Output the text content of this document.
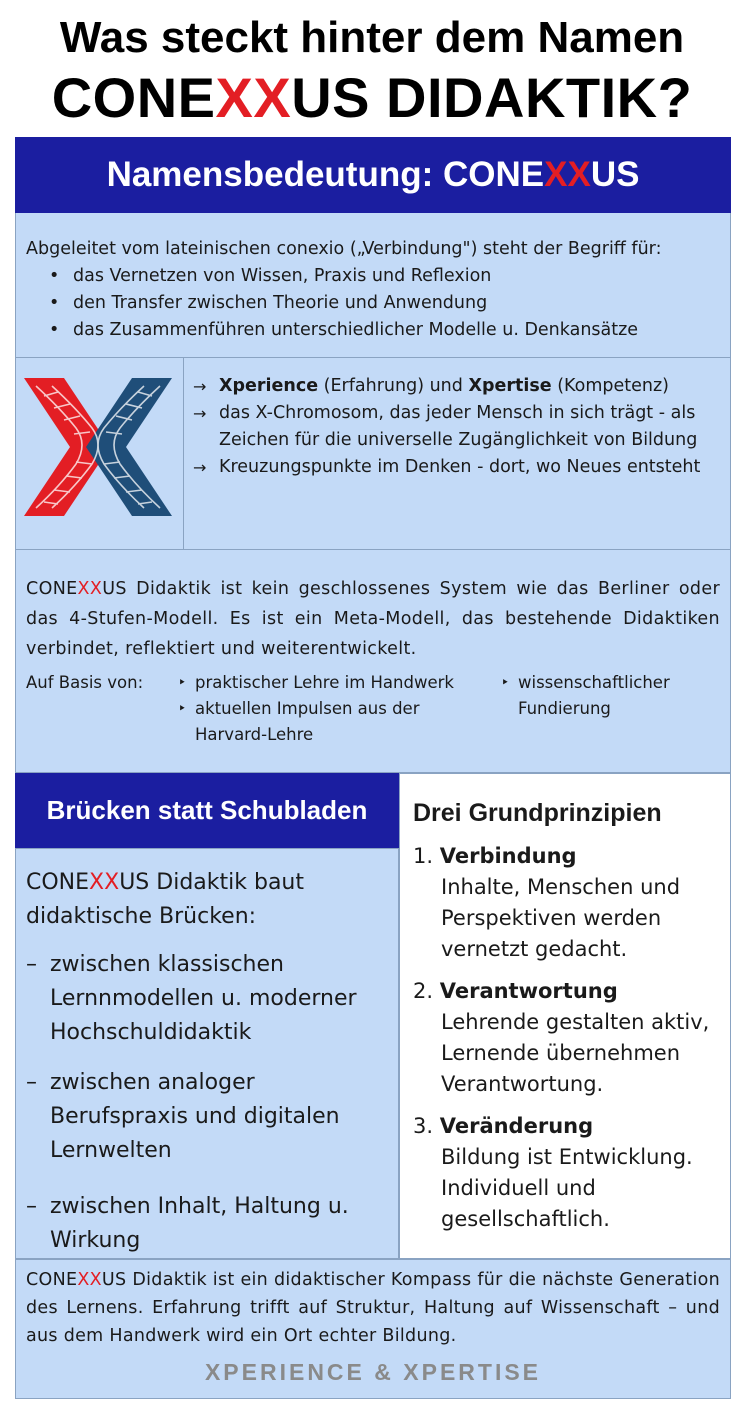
Was steckt hinter dem Namen
CONEXXUS DIDAKTIK?
Namensbedeutung: CONEXXUS

Abgeleitet vom lateinischen conexio („Verbindung") steht der Begriff für:

• das Vernetzen von Wissen, Praxis und Reflexion
• den Transfer zwischen Theorie und Anwendung
• das Zusammenführen unterschiedlicher Modelle u. Denkansätze
→ Xperience (Erfahrung) und Xpertise (Kompetenz)
→ das X-Chromosom, das jeder Mensch in sich trägt - als Zeichen für die universelle Zugänglichkeit von Bildung
→ Kreuzungspunkte im Denken - dort, wo Neues entsteht
CONEXXUS Didaktik ist kein geschlossenes System wie das Berliner oder das 4-Stufen-Modell. Es ist ein Meta-Modell, das bestehende Didaktiken verbindet, reflektiert und weiterentwickelt.
Auf Basis von:
‣	praktischer Lehre im Handwerk
‣ aktuellen Impulsen aus der Harvard-Lehre
‣ wissenschaftlicher Fundierung
Brücken statt Schubladen
CONEXXUS Didaktik baut didaktische Brücken:
– zwischen klassischen Lernnmodellen u. moderner Hochschuldidaktik
– zwischen analoger Berufspraxis und digitalen Lernwelten
– zwischen Inhalt, Haltung u. Wirkung
Drei Grundprinzipien
1. Verbindung
Inhalte, Menschen und Perspektiven werden vernetzt gedacht.
2. Verantwortung
Lehrende gestalten aktiv, Lernende übernehmen Verantwortung.
3. Veränderung
Bildung ist Entwicklung. Individuell und gesellschaftlich.
CONEXXUS Didaktik ist ein didaktischer Kompass für die nächste Generation des Lernens. Erfahrung trifft auf Struktur, Haltung auf Wissenschaft – und aus dem Handwerk wird ein Ort echter Bildung.
XPERIENCE & XPERTISE
